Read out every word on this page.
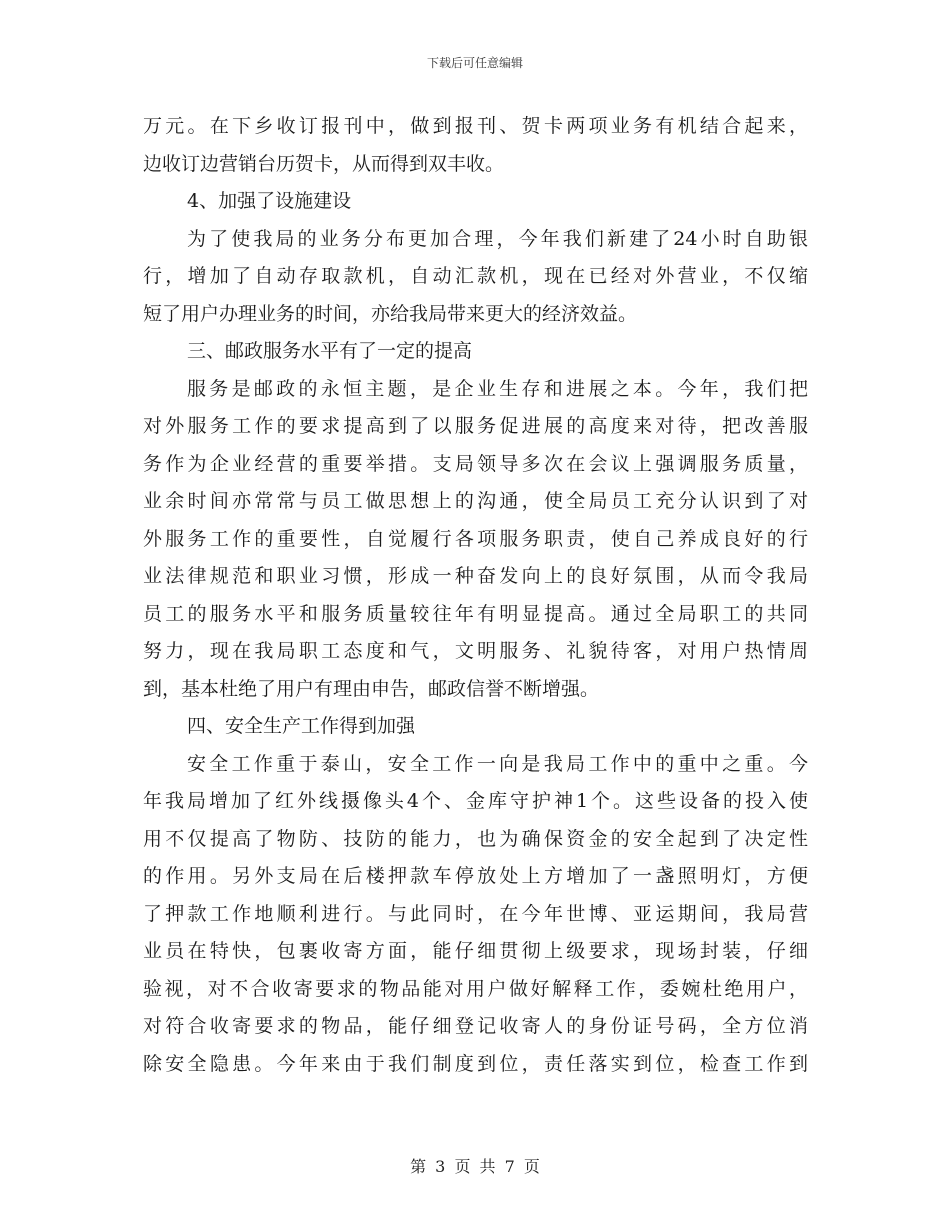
下载后可任意编辑
万元。在下乡收订报刊中，做到报刊、贺卡两项业务有机结合起来，
边收订边营销台历贺卡，从而得到双丰收。
4、加强了设施建设
为了使我局的业务分布更加合理，今年我们新建了24小时自助银
行，增加了自动存取款机，自动汇款机，现在已经对外营业，不仅缩
短了用户办理业务的时间，亦给我局带来更大的经济效益。
三、邮政服务水平有了一定的提高
服务是邮政的永恒主题，是企业生存和进展之本。今年，我们把
对外服务工作的要求提高到了以服务促进展的高度来对待，把改善服
务作为企业经营的重要举措。支局领导多次在会议上强调服务质量，
业余时间亦常常与员工做思想上的沟通，使全局员工充分认识到了对
外服务工作的重要性，自觉履行各项服务职责，使自己养成良好的行
业法律规范和职业习惯，形成一种奋发向上的良好氛围，从而令我局
员工的服务水平和服务质量较往年有明显提高。通过全局职工的共同
努力，现在我局职工态度和气，文明服务、礼貌待客，对用户热情周
到，基本杜绝了用户有理由申告，邮政信誉不断增强。
四、安全生产工作得到加强
安全工作重于泰山，安全工作一向是我局工作中的重中之重。今
年我局增加了红外线摄像头4个、金库守护神1个。这些设备的投入使
用不仅提高了物防、技防的能力，也为确保资金的安全起到了决定性
的作用。另外支局在后楼押款车停放处上方增加了一盏照明灯，方便
了押款工作地顺利进行。与此同时，在今年世博、亚运期间，我局营
业员在特快，包裹收寄方面，能仔细贯彻上级要求，现场封装，仔细
验视，对不合收寄要求的物品能对用户做好解释工作，委婉杜绝用户，
对符合收寄要求的物品，能仔细登记收寄人的身份证号码，全方位消
除安全隐患。今年来由于我们制度到位，责任落实到位，检查工作到
第 3 页 共 7 页
